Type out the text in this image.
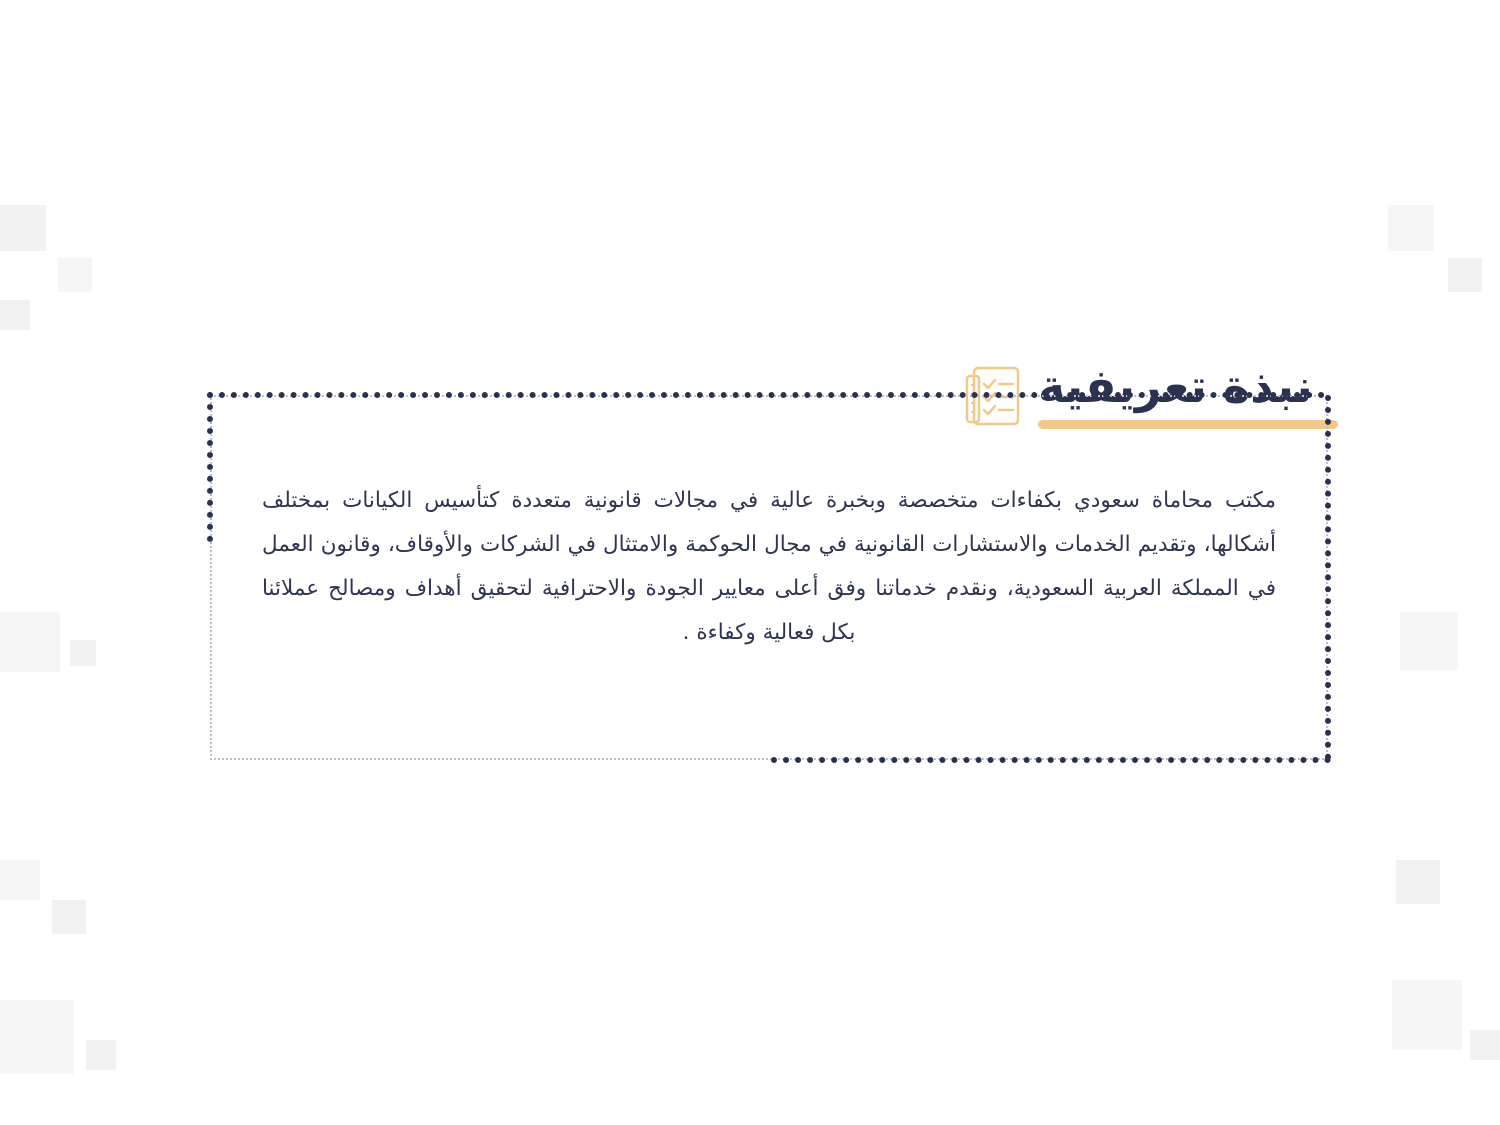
نبذة تعريفية

مكتب محاماة سعودي بكفاءات متخصصة وبخبرة عالية في مجالات قانونية متعددة كتأسيس الكيانات بمختلف أشكالها، وتقديم الخدمات والاستشارات القانونية في مجال الحوكمة والامتثال في الشركات والأوقاف، وقانون العمل في المملكة العربية السعودية، ونقدم خدماتنا وفق أعلى معايير الجودة والاحترافية لتحقيق أهداف ومصالح عملائنا بكل فعالية وكفاءة .
